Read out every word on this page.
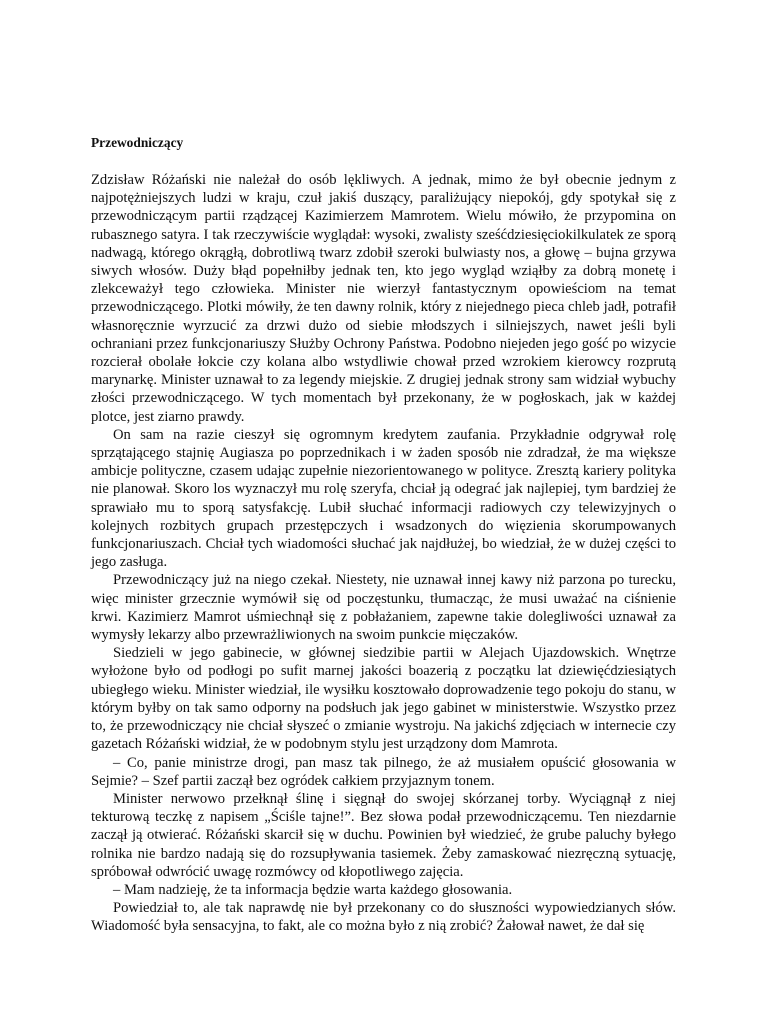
Przewodniczący

Zdzisław Różański nie należał do osób lękliwych. A jednak, mimo że był obecnie jednym z najpotężniejszych ludzi w kraju, czuł jakiś duszący, paraliżujący niepokój, gdy spotykał się z przewodniczącym partii rządzącej Kazimierzem Mamrotem. Wielu mówiło, że przypomina on rubasznego satyra. I tak rzeczywiście wyglądał: wysoki, zwalisty sześćdziesięciokilkulatek ze sporą nadwagą, którego okrągłą, dobrotliwą twarz zdobił szeroki bulwiasty nos, a głowę – bujna grzywa siwych włosów. Duży błąd popełniłby jednak ten, kto jego wygląd wziąłby za dobrą monetę i zlekceważył tego człowieka. Minister nie wierzył fantastycznym opowieściom na temat przewodniczącego. Plotki mówiły, że ten dawny rolnik, który z niejednego pieca chleb jadł, potrafił własnoręcznie wyrzucić za drzwi dużo od siebie młodszych i silniejszych, nawet jeśli byli ochraniani przez funkcjonariuszy Służby Ochrony Państwa. Podobno niejeden jego gość po wizycie rozcierał obolałe łokcie czy kolana albo wstydliwie chował przed wzrokiem kierowcy rozprutą marynarkę. Minister uznawał to za legendy miejskie. Z drugiej jednak strony sam widział wybuchy złości przewodniczącego. W tych momentach był przekonany, że w pogłoskach, jak w każdej plotce, jest ziarno prawdy.

On sam na razie cieszył się ogromnym kredytem zaufania. Przykładnie odgrywał rolę sprzątającego stajnię Augiasza po poprzednikach i w żaden sposób nie zdradzał, że ma większe ambicje polityczne, czasem udając zupełnie niezorientowanego w polityce. Zresztą kariery polityka nie planował. Skoro los wyznaczył mu rolę szeryfa, chciał ją odegrać jak najlepiej, tym bardziej że sprawiało mu to sporą satysfakcję. Lubił słuchać informacji radiowych czy telewizyjnych o kolejnych rozbitych grupach przestępczych i wsadzonych do więzienia skorumpowanych funkcjonariuszach. Chciał tych wiadomości słuchać jak najdłużej, bo wiedział, że w dużej części to jego zasługa.

Przewodniczący już na niego czekał. Niestety, nie uznawał innej kawy niż parzona po turecku, więc minister grzecznie wymówił się od poczęstunku, tłumacząc, że musi uważać na ciśnienie krwi. Kazimierz Mamrot uśmiechnął się z pobłażaniem, zapewne takie dolegliwości uznawał za wymysły lekarzy albo przewrażliwionych na swoim punkcie mięczaków.

Siedzieli w jego gabinecie, w głównej siedzibie partii w Alejach Ujazdowskich. Wnętrze wyłożone było od podłogi po sufit marnej jakości boazerią z początku lat dziewięćdziesiątych ubiegłego wieku. Minister wiedział, ile wysiłku kosztowało doprowadzenie tego pokoju do stanu, w którym byłby on tak samo odporny na podsłuch jak jego gabinet w ministerstwie. Wszystko przez to, że przewodniczący nie chciał słyszeć o zmianie wystroju. Na jakichś zdjęciach w internecie czy gazetach Różański widział, że w podobnym stylu jest urządzony dom Mamrota.

– Co, panie ministrze drogi, pan masz tak pilnego, że aż musiałem opuścić głosowania w Sejmie? – Szef partii zaczął bez ogródek całkiem przyjaznym tonem.

Minister nerwowo przełknął ślinę i sięgnął do swojej skórzanej torby. Wyciągnął z niej tekturową teczkę z napisem „Ściśle tajne!”. Bez słowa podał przewodniczącemu. Ten niezdarnie zaczął ją otwierać. Różański skarcił się w duchu. Powinien był wiedzieć, że grube paluchy byłego rolnika nie bardzo nadają się do rozsupływania tasiemek. Żeby zamaskować niezręczną sytuację, spróbował odwrócić uwagę rozmówcy od kłopotliwego zajęcia.

– Mam nadzieję, że ta informacja będzie warta każdego głosowania.

Powiedział to, ale tak naprawdę nie był przekonany co do słuszności wypowiedzianych słów. Wiadomość była sensacyjna, to fakt, ale co można było z nią zrobić? Żałował nawet, że dał się
